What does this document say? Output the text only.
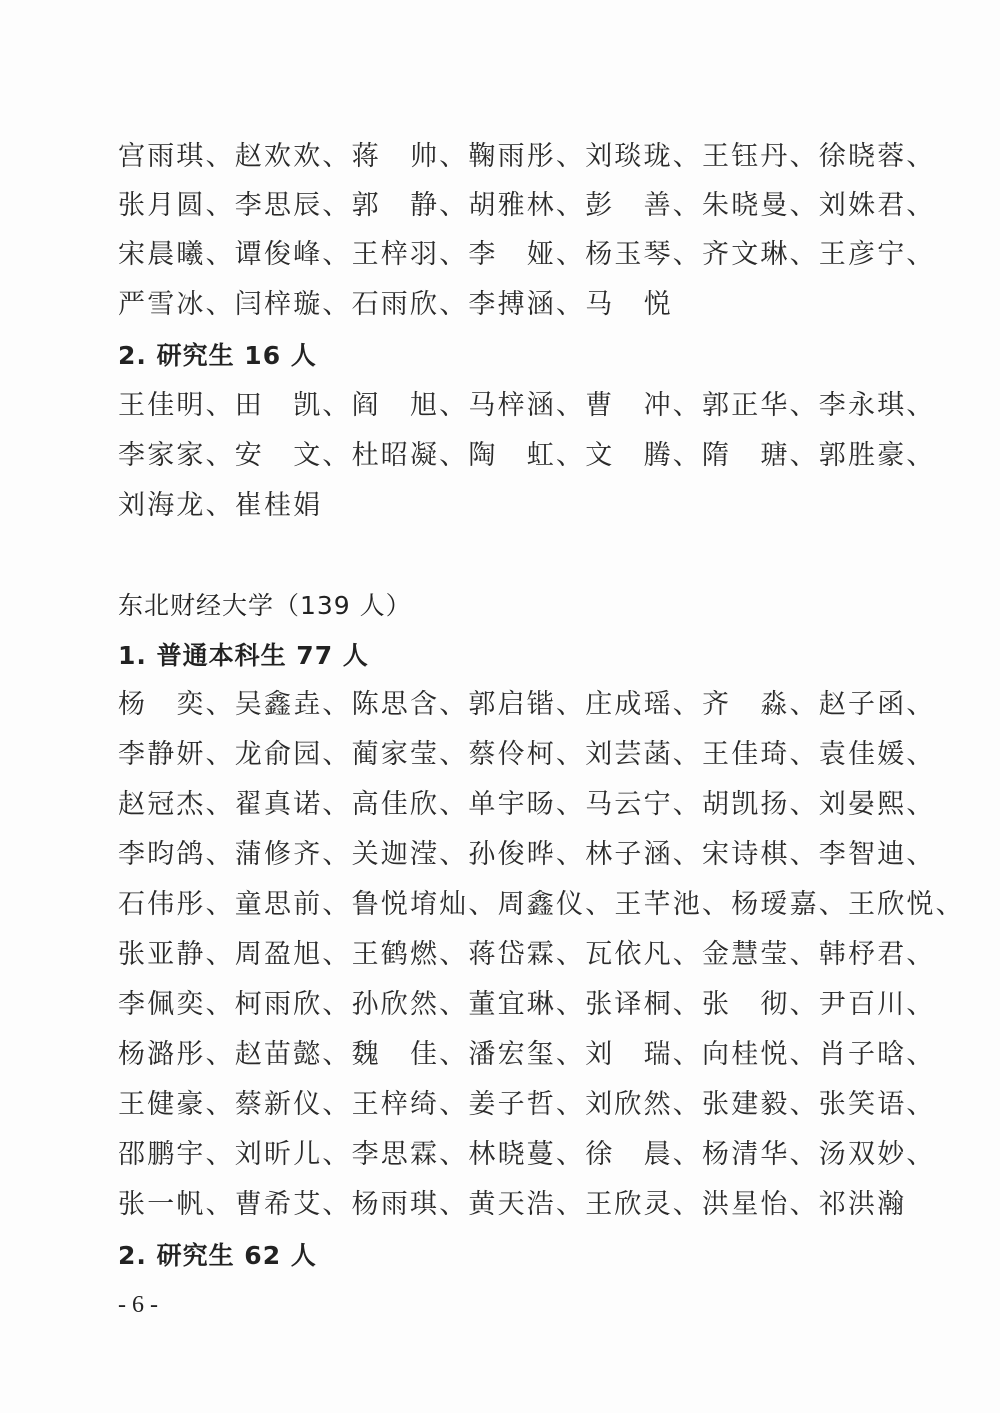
宫雨琪、赵欢欢、蒋　帅、鞠雨彤、刘琰珑、王钰丹、徐晓蓉、
张月圆、李思辰、郭　静、胡雅林、彭　善、朱晓曼、刘姝君、
宋晨曦、谭俊峰、王梓羽、李　娅、杨玉琴、齐文琳、王彦宁、
严雪冰、闫梓璇、石雨欣、李搏涵、马　悦
2. 研究生 16 人
王佳明、田　凯、阎　旭、马梓涵、曹　冲、郭正华、李永琪、
李家家、安　文、杜昭凝、陶　虹、文　腾、隋　瑭、郭胜豪、
刘海龙、崔桂娟
东北财经大学（139 人）
1. 普通本科生 77 人
杨　奕、吴鑫垚、陈思含、郭启锴、庄成瑶、齐　淼、赵子函、
李静妍、龙俞园、蔺家莹、蔡伶柯、刘芸菡、王佳琦、袁佳媛、
赵冠杰、翟真诺、高佳欣、单宇旸、马云宁、胡凯扬、刘晏熙、
李昀鸽、蒲修齐、关迦滢、孙俊晔、林子涵、宋诗棋、李智迪、
石伟彤、童思前、鲁悦堉灿、周鑫仪、王芊池、杨瑷嘉、王欣悦、
张亚静、周盈旭、王鹤燃、蒋岱霖、瓦依凡、金慧莹、韩杼君、
李佩奕、柯雨欣、孙欣然、董宜琳、张译桐、张　彻、尹百川、
杨潞彤、赵苗懿、魏　佳、潘宏玺、刘　瑞、向桂悦、肖子晗、
王健豪、蔡新仪、王梓绮、姜子哲、刘欣然、张建毅、张笑语、
邵鹏宇、刘昕儿、李思霖、林晓蔓、徐　晨、杨清华、汤双妙、
张一帆、曹希艾、杨雨琪、黄天浩、王欣灵、洪星怡、祁洪瀚
2. 研究生 62 人
- 6 -
